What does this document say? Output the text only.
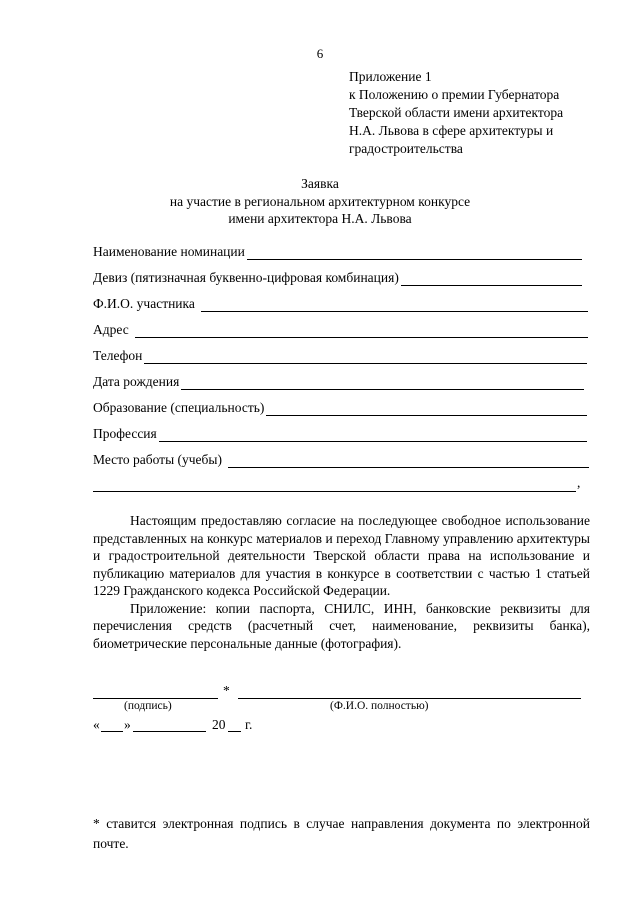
6
Приложение 1
к Положению о премии Губернатора
Тверской области имени архитектора
Н.А. Львова в сфере архитектуры и
градостроительства
Заявка
на участие в региональном архитектурном конкурсе
имени архитектора Н.А. Львова
Наименование номинации
Девиз (пятизначная буквенно-цифровая комбинация)
Ф.И.О. участника
Адрес
Телефон
Дата рождения
Образование (специальность)
Профессия
Место работы (учебы)
,

Настоящим предоставляю согласие на последующее свободное использование представленных на конкурс материалов и переход Главному управлению архитектуры и градостроительной деятельности Тверской области права на использование и публикацию материалов для участия в конкурсе в соответствии с частью 1 статьей 1229 Гражданского кодекса Российской Федерации.

Приложение: копии паспорта, СНИЛС, ИНН, банковские реквизиты для перечисления средств (расчетный счет, наименование, реквизиты банка), биометрические персональные данные (фотография).

*
(подпись)	(Ф.И.О. полностью)
« »	20 г.
* ставится электронная подпись в случае направления документа по электронной почте.
